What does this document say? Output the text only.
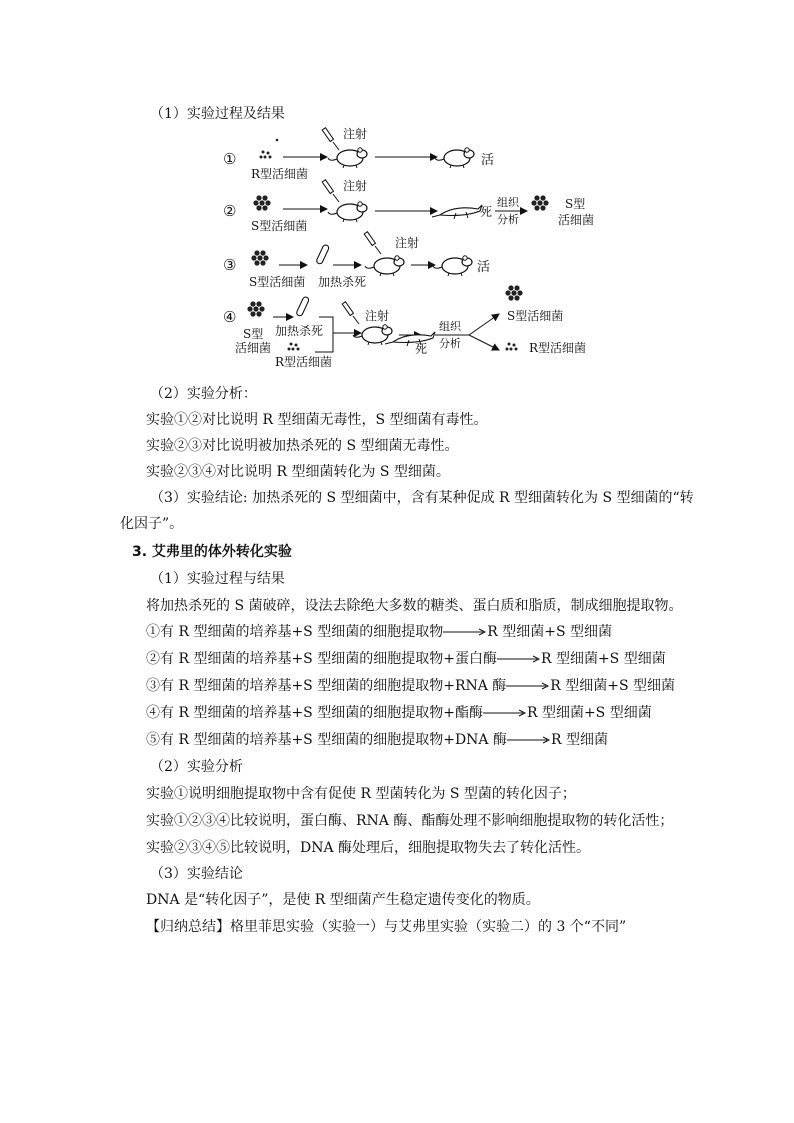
（1）实验过程及结果
①
R型活细菌
注射
活
②
S型活细菌
注射
死
组织
分析
S型
活细菌
③
S型活细菌 加热杀死
注射
活
④
S型
活细菌
加热杀死
R型活细菌
注射
死
组织
分析
S型活细菌
R型活细菌
（2）实验分析：
实验①②对比说明 R 型细菌无毒性，S 型细菌有毒性。
实验②③对比说明被加热杀死的 S 型细菌无毒性。
实验②③④对比说明 R 型细菌转化为 S 型细菌。
（3）实验结论: 加热杀死的 S 型细菌中，含有某种促成 R 型细菌转化为 S 型细菌的“转
化因子”。
3. 艾弗里的体外转化实验
（1）实验过程与结果
将加热杀死的 S 菌破碎，设法去除绝大多数的糖类、蛋白质和脂质，制成细胞提取物。
①有 R 型细菌的培养基+S 型细菌的细胞提取物	R 型细菌+S 型细菌
②有 R 型细菌的培养基+S 型细菌的细胞提取物+蛋白酶	R 型细菌+S 型细菌
③有 R 型细菌的培养基+S 型细菌的细胞提取物+RNA 酶	R 型细菌+S 型细菌
④有 R 型细菌的培养基+S 型细菌的细胞提取物+酯酶	R 型细菌+S 型细菌
⑤有 R 型细菌的培养基+S 型细菌的细胞提取物+DNA 酶	R 型细菌
（2）实验分析
实验①说明细胞提取物中含有促使 R 型菌转化为 S 型菌的转化因子；
实验①②③④比较说明，蛋白酶、RNA 酶、酯酶处理不影响细胞提取物的转化活性；
实验②③④⑤比较说明，DNA 酶处理后，细胞提取物失去了转化活性。
（3）实验结论
DNA 是“转化因子”，是使 R 型细菌产生稳定遗传变化的物质。
【归纳总结】格里菲思实验（实验一）与艾弗里实验（实验二）的 3 个“不同”
